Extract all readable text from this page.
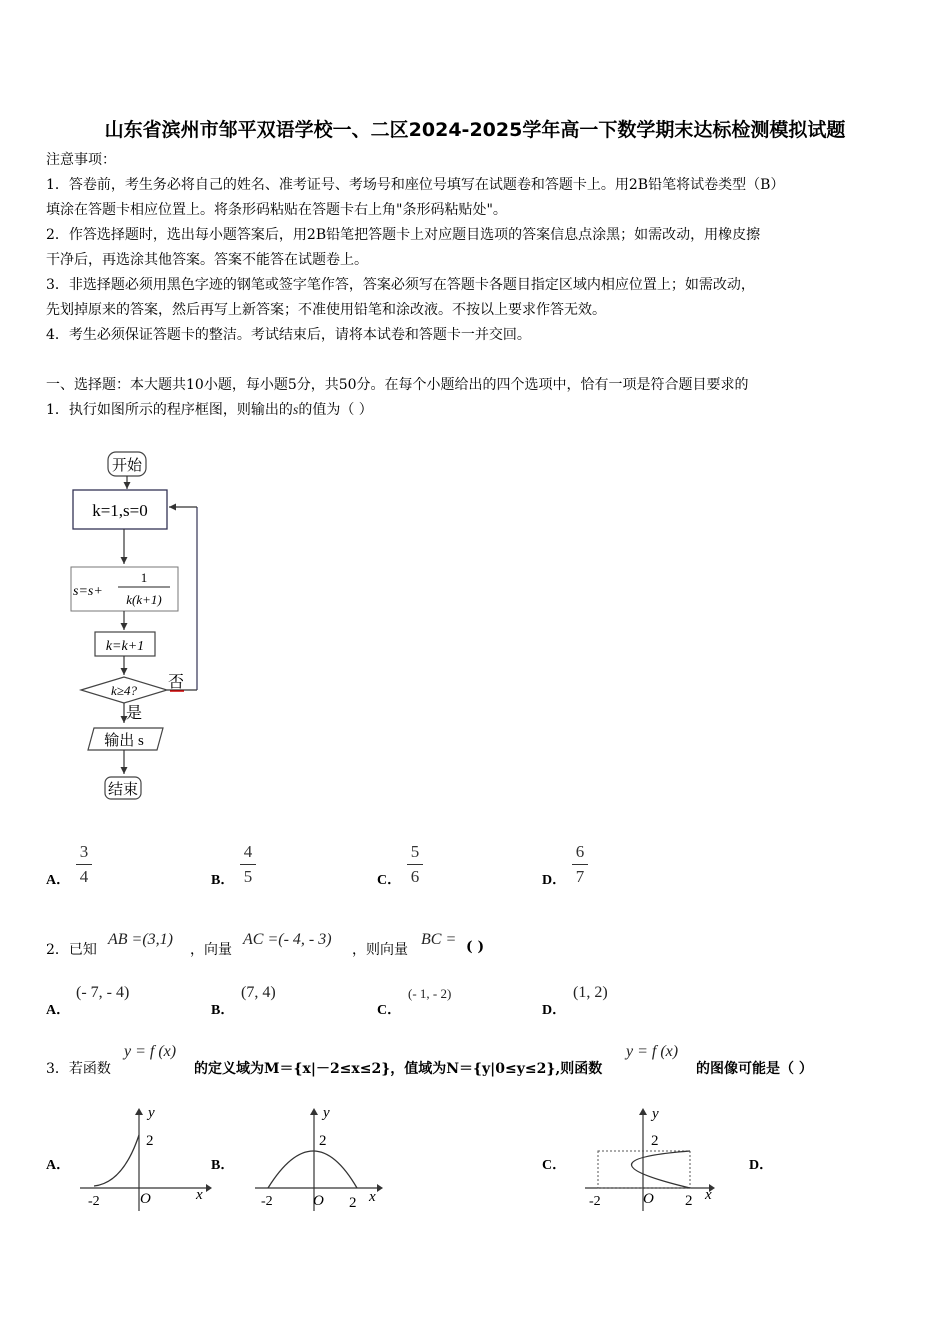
山东省滨州市邹平双语学校一、二区2024-2025学年高一下数学期末达标检测模拟试题
注意事项：
1．答卷前，考生务必将自己的姓名、准考证号、考场号和座位号填写在试题卷和答题卡上。用2B铅笔将试卷类型（B）
填涂在答题卡相应位置上。将条形码粘贴在答题卡右上角"条形码粘贴处"。
2．作答选择题时，选出每小题答案后，用2B铅笔把答题卡上对应题目选项的答案信息点涂黑；如需改动，用橡皮擦
干净后，再选涂其他答案。答案不能答在试题卷上。
3．非选择题必须用黑色字迹的钢笔或签字笔作答，答案必须写在答题卡各题目指定区域内相应位置上；如需改动，
先划掉原来的答案，然后再写上新答案；不准使用铅笔和涂改液。不按以上要求作答无效。
4．考生必须保证答题卡的整洁。考试结束后，请将本试卷和答题卡一并交回。
一、选择题：本大题共10小题，每小题5分，共50分。在每个小题给出的四个选项中，恰有一项是符合题目要求的
1．执行如图所示的程序框图，则输出的s的值为（ ）
开始
k=1,s=0
s=s+
1
k(k+1)
k=k+1
k≥4? 否
是
输出 s
结束
A．
3
4	B．
4
5	C．
5
6	D．
6
7
2．已知
AB =(3,1)
，向量
AC =(- 4, - 3)
，则向量
BC = ( )
A．
(- 7, - 4)
B．
(7, 4)
C．
(- 1, - 2)
D．
(1, 2)
3．若函数
y = f (x)
的定义域为M＝{x|－2≤x≤2}，值域为N＝{y|0≤y≤2},则函数
y = f (x)
的图像可能是（ ）
A．	B．	C．	D．
y
2
-2	O	x
y
2
-2	O 2 x
y
2
-2	O 2 x
